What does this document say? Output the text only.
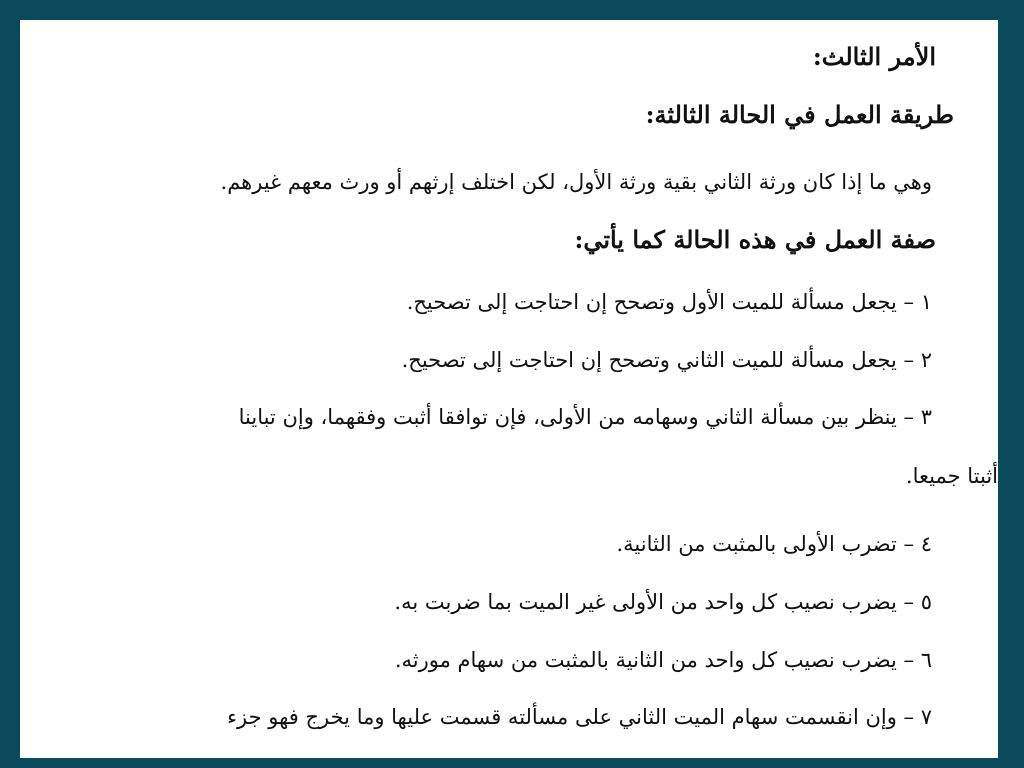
الأمر الثالث:
طريقة العمل في الحالة الثالثة:
وهي ما إذا كان ورثة الثاني بقية ورثة الأول، لكن اختلف إرثهم أو ورث معهم غيرهم.
صفة العمل في هذه الحالة كما يأتي:
١ – يجعل مسألة للميت الأول وتصحح إن احتاجت إلى تصحيح.
٢ – يجعل مسألة للميت الثاني وتصحح إن احتاجت إلى تصحيح.
٣ – ينظر بين مسألة الثاني وسهامه من الأولى، فإن توافقا أثبت وفقهما، وإن تباينا
أثبتا جميعا.
٤ – تضرب الأولى بالمثبت من الثانية.
٥ – يضرب نصيب كل واحد من الأولى غير الميت بما ضربت به.
٦ – يضرب نصيب كل واحد من الثانية بالمثبت من سهام مورثه.
٧ – وإن انقسمت سهام الميت الثاني على مسألته قسمت عليها وما يخرج فهو جزء
